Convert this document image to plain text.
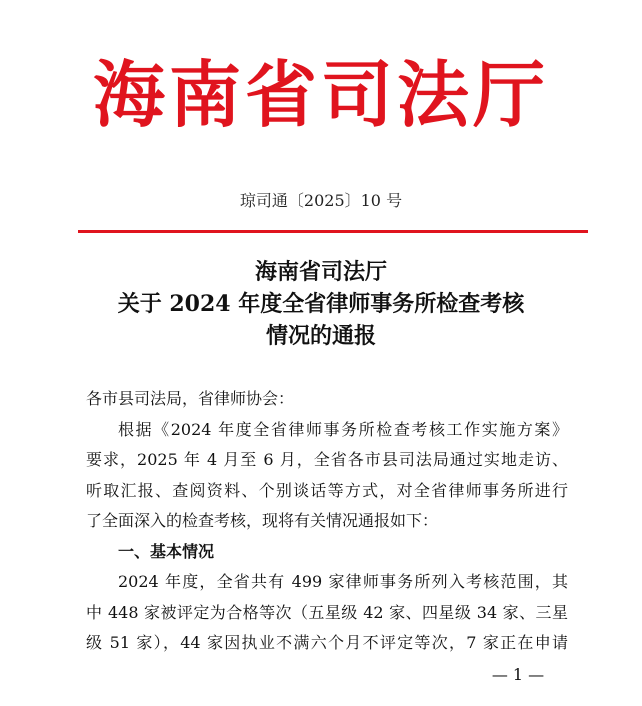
海南省司法厅
琼司通〔2025〕10 号
海南省司法厅
关于 2024 年度全省律师事务所检查考核
情况的通报

各市县司法局，省律师协会：

根据《2024 年度全省律师事务所检查考核工作实施方案》

要求，2025 年 4 月至 6 月，全省各市县司法局通过实地走访、

听取汇报、查阅资料、个别谈话等方式，对全省律师事务所进行

了全面深入的检查考核，现将有关情况通报如下：

一、基本情况

2024 年度，全省共有 499 家律师事务所列入考核范围，其

中 448 家被评定为合格等次（五星级 42 家、四星级 34 家、三星

级 51 家），44 家因执业不满六个月不评定等次，7 家正在申请

— 1 —
